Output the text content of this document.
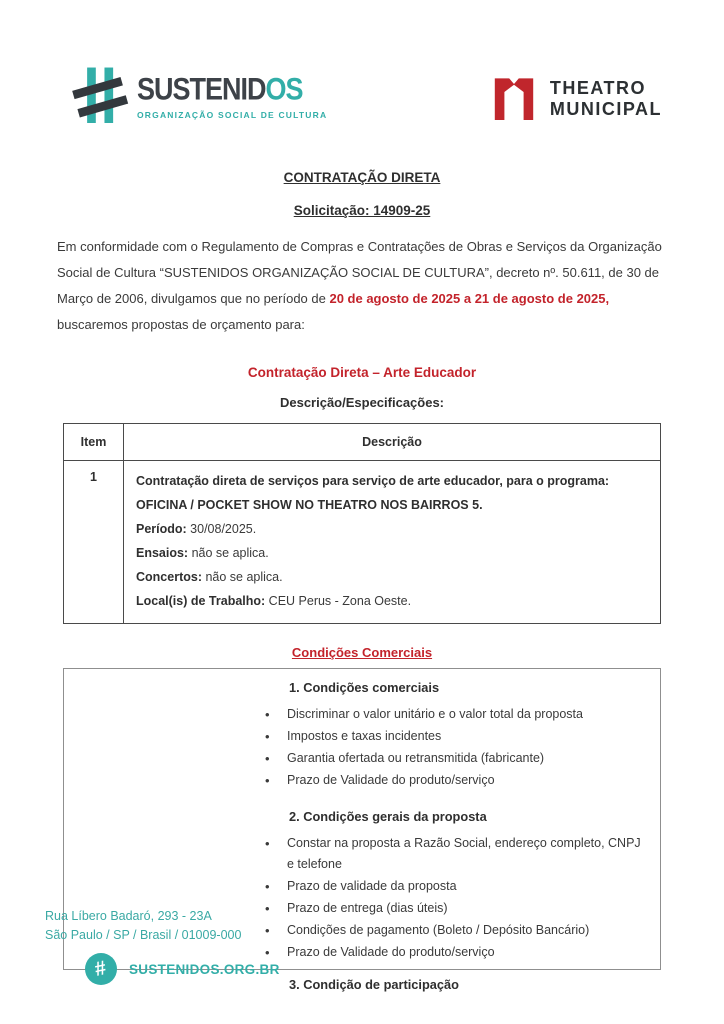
SUSTENIDOS
ORGANIZAÇÃO SOCIAL DE CULTURA
THEATRO
MUNICIPAL
CONTRATAÇÃO DIRETA
Solicitação: 14909-25

Em conformidade com o Regulamento de Compras e Contratações de Obras e Serviços da Organização Social de Cultura “SUSTENIDOS ORGANIZAÇÃO SOCIAL DE CULTURA”, decreto nº. 50.611, de 30 de Março de 2006, divulgamos que no período de 20 de agosto de 2025 a 21 de agosto de 2025, buscaremos propostas de orçamento para:

Contratação Direta – Arte Educador
Descrição/Especificações:
Item	Descrição
1	Contratação direta de serviços para serviço de arte educador, para o programa: OFICINA / POCKET SHOW NO THEATRO NOS BAIRROS 5.
Período: 30/08/2025.
Ensaios: não se aplica.
Concertos: não se aplica.
Local(is) de Trabalho: CEU Perus - Zona Oeste.
Condições Comerciais
1. Condições comerciais
• Discriminar o valor unitário e o valor total da proposta
• Impostos e taxas incidentes
• Garantia ofertada ou retransmitida (fabricante)
• Prazo de Validade do produto/serviço
2. Condições gerais da proposta
• Constar na proposta a Razão Social, endereço completo, CNPJ e telefone
• Prazo de validade da proposta
• Prazo de entrega (dias úteis)
• Condições de pagamento (Boleto / Depósito Bancário)
• Prazo de Validade do produto/serviço
3. Condição de participação
Rua Líbero Badaró, 293 - 23A
São Paulo / SP / Brasil / 01009-000
# SUSTENIDOS.ORG.BR
